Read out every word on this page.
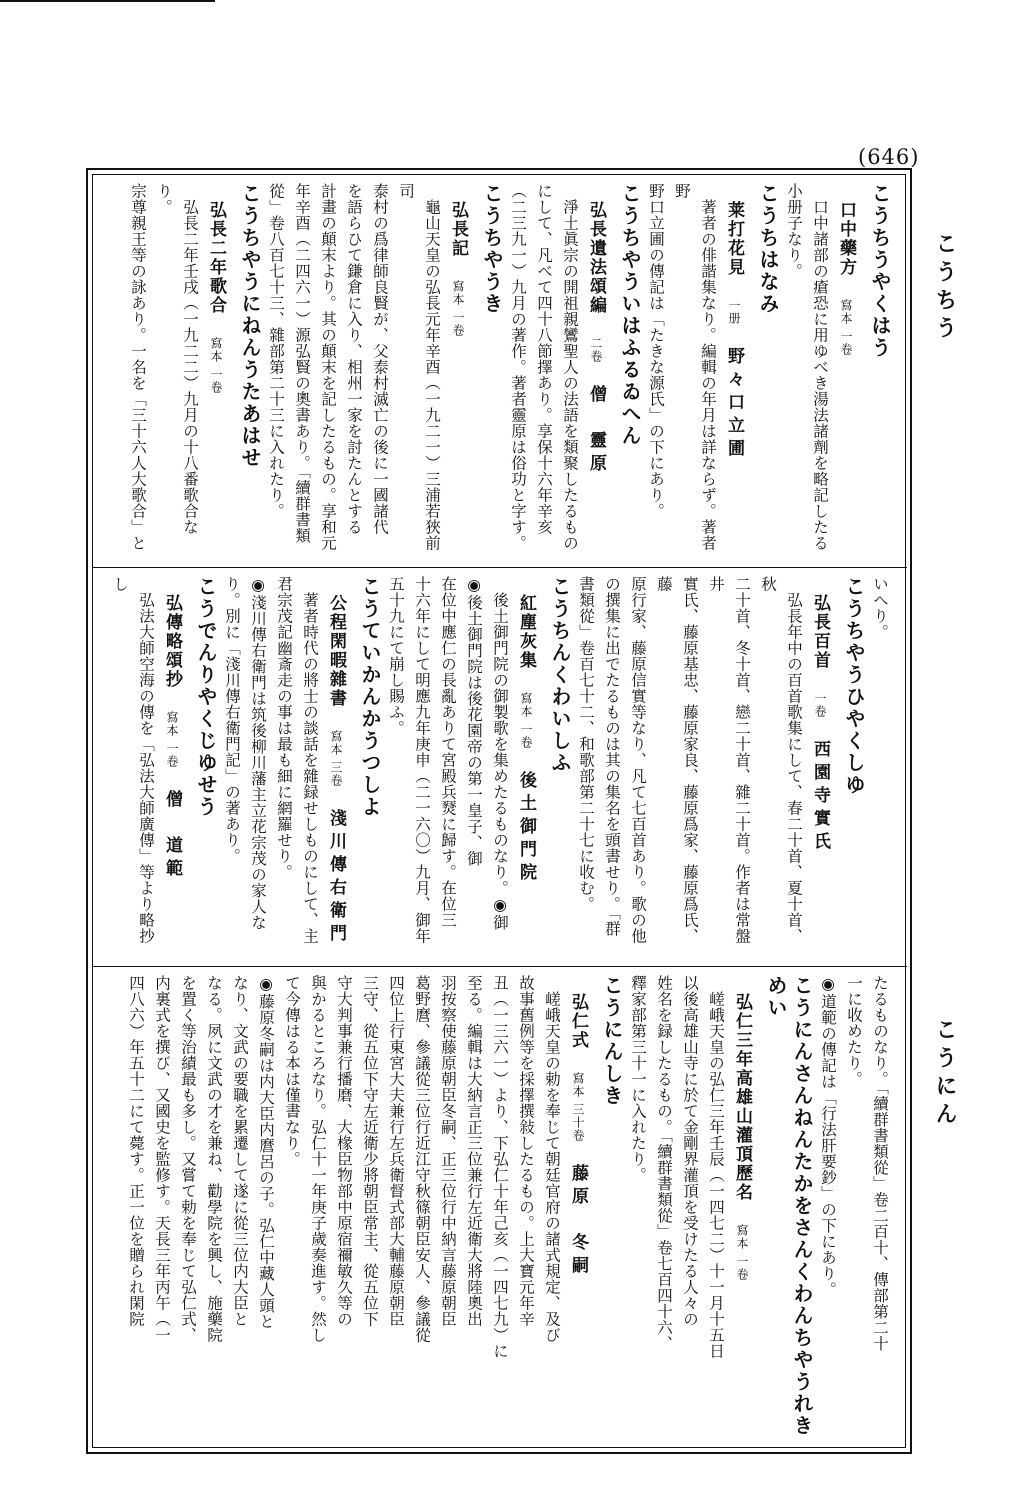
(646)
こうちう
こうにん
こうちうやくはう
口中藥方寫本 一卷
口中諸部の瘡恐に用ゆべき湯法諸劑を略記したる
小册子なり。
こうちはなみ
莱打花見一册野々口立圃
著者の俳諧集なり。編輯の年月は詳ならず。著者野
野口立圃の傳記は「たきな源氏」の下にあり。
こうちやういはふるゐへん
弘長遺法頌編二卷僧　靈原
淨土眞宗の開祖親鸞聖人の法語を類聚したるもの
にして、凡べて四十八節擇あり。享保十六年辛亥
（二三九一）九月の著作。著者靈原は俗功と字す。
こうちやうき
弘長記寫本 一卷
龜山天皇の弘長元年辛酉（一九二一）三浦若狹前司
泰村の爲律師良賢が、父泰村滅亡の後に一國諸代
を語らひて鎌倉に入り、相州一家を討たんとする
計畫の顛末より。其の顛末を記したるもの。享和元
年辛酉（二四六一）源弘賢の奧書あり。「續群書類
從」卷八百七十三、雜部第二十三に入れたり。
こうちやうにねんうたあはせ
弘長二年歌合寫本 一卷
弘長二年壬戌（一九二二）九月の十八番歌合なり。
宗尊親王等の詠あり。一名を「三十六人大歌合」と
いへり。
こうちやうひやくしゆ
弘長百首一卷西園寺實氏
弘長年中の百首歌集にして、春二十首、夏十首、秋
二十首、冬十首、戀二十首、雜二十首。作者は常盤井
實氏、藤原基忠、藤原家良、藤原爲家、藤原爲氏、藤
原行家、藤原信實等なり、凡て七百首あり。歌の他
の撰集に出でたるものは其の集名を頭書せり。「群
書類從」卷百七十二、和歌部第二十七に收む。
こうちんくわいしふ
紅塵灰集寫本 一卷後土御門院
後土御門院の御製歌を集めたるものなり。◉御
◉後土御門院は後花園帝の第一皇子、御
在位中應仁の長亂ありて宮殿兵燹に歸す。在位三
十六年にして明應九年庚申（二一六〇）九月、御年
五十九にて崩し賜ふ。
こうていかんかうつしよ
公程閑暇雜書寫本 三卷淺川傳右衛門
著者時代の將士の談話を雜録せしものにして、主
君宗茂記幽斎走の事は最も細に網羅せり。
◉淺川傳右衛門は筑後柳川藩主立花宗茂の家人な
り。別に「淺川傳右衛門記」の著あり。
こうでんりやくじゆせう
弘傳略頌抄寫本 一卷僧　道範
弘法大師空海の傳を「弘法大師廣傳」等より略抄し
たるものなり。「續群書類從」卷二百十、傳部第二十
一に收めたり。
◉道範の傳記は「行法肝要鈔」の下にあり。
こうにんさんねんたかをさんくわんちやうれきめい
弘仁三年高雄山灌頂歷名寫本 一卷
嵯峨天皇の弘仁三年壬辰（一四七二）十一月十五日
以後高雄山寺に於て金剛界灌頂を受けたる人々の
姓名を録したるもの。「續群書類從」卷七百四十六、
釋家部第三十一に入れたり。
こうにんしき
弘仁式寫本 三十卷藤原　冬嗣
嵯峨天皇の勅を奉じて朝廷官府の諸式規定、及び
故事舊例等を採擇撰敍したるもの。上大寶元年辛
丑（一三六一）より、下弘仁十年己亥（一四七九）に
至る。編輯は大納言正三位兼行左近衛大將陸奧出
羽按察使藤原朝臣冬嗣、正三位行中納言藤原朝臣
葛野麿、參議從三位行近江守秋篠朝臣安人、參議從
四位上行東宮大夫兼行左兵衛督式部大輔藤原朝臣
三守、從五位下守左近衛少將朝臣常主、從五位下
守大判事兼行播磨、大椽臣物部中原宿禰敏久等の
與かるところなり。弘仁十一年庚子歲奏進す。然し
て今傳はる本は僅書なり。
◉藤原冬嗣は内大臣内麿呂の子。弘仁中藏人頭と
なり、文武の要職を累遷して遂に從三位内大臣と
なる。夙に文武の才を兼ね、勸學院を興し、施藥院
を置く等治績最も多し。又嘗て勅を奉じて弘仁式、
内裏式を撰び、又國史を監修す。天長三年丙午（一
四八六）年五十二にて薨す。正一位を贈られ閑院
